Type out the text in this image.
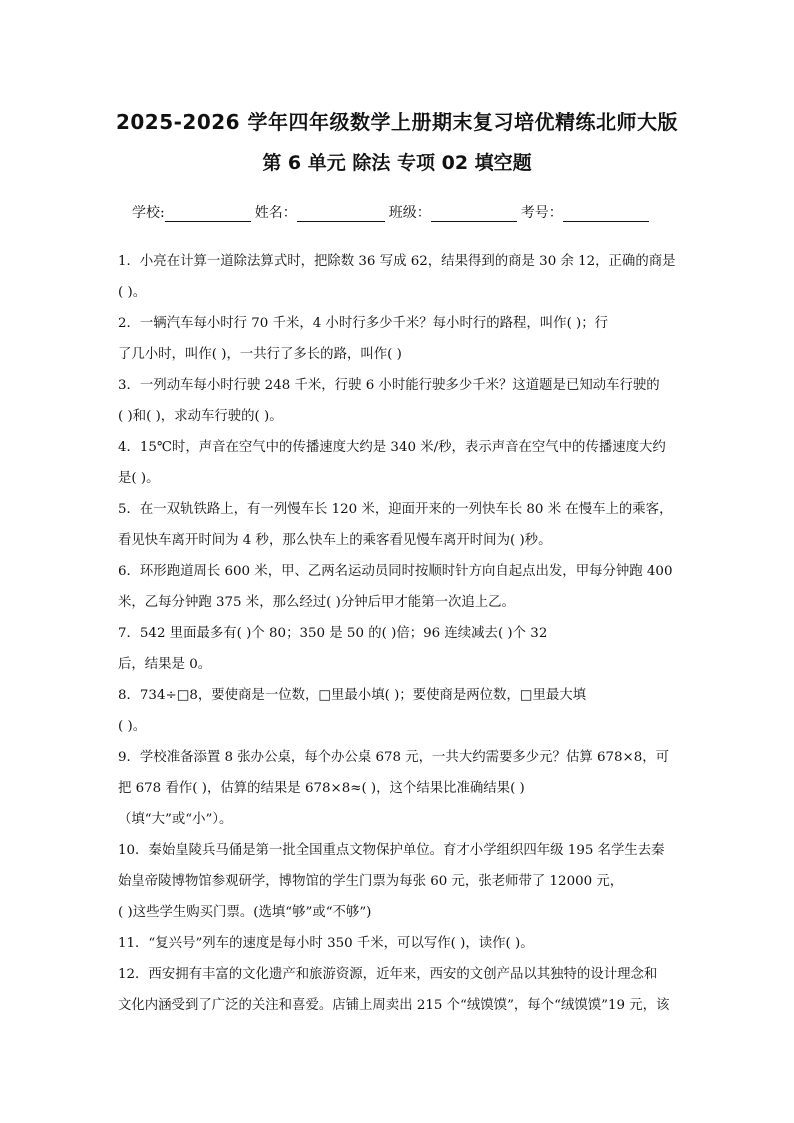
2025-2026 学年四年级数学上册期末复习培优精练北师大版
第 6 单元 除法 专项 02 填空题
学校:	姓名：	班级：	考号：

1．小亮在计算一道除法算式时，把除数 36 写成 62，结果得到的商是 30 余 12，正确的商是
( )。

2．一辆汽车每小时行 70 千米，4 小时行多少千米？每小时行的路程，叫作( )；行
了几小时，叫作( )，一共行了多长的路，叫作( )

3．一列动车每小时行驶 248 千米，行驶 6 小时能行驶多少千米？这道题是已知动车行驶的
( )和( )，求动车行驶的( )。

4．15℃时，声音在空气中的传播速度大约是 340 米/秒，表示声音在空气中的传播速度大约
是( )。

5．在一双轨铁路上，有一列慢车长 120 米，迎面开来的一列快车长 80 米 在慢车上的乘客，
看见快车离开时间为 4 秒，那么快车上的乘客看见慢车离开时间为( )秒。

6．环形跑道周长 600 米，甲、乙两名运动员同时按顺时针方向自起点出发，甲每分钟跑 400
米，乙每分钟跑 375 米，那么经过( )分钟后甲才能第一次追上乙。

7．542 里面最多有( )个 80；350 是 50 的( )倍；96 连续减去( )个 32
后，结果是 0。

8．734÷□8，要使商是一位数，□里最小填( )；要使商是两位数，□里最大填
( )。

9．学校准备添置 8 张办公桌，每个办公桌 678 元，一共大约需要多少元？估算 678×8，可
把 678 看作( )，估算的结果是 678×8≈( )，这个结果比准确结果( )
（填“大”或“小”）。

10．秦始皇陵兵马俑是第一批全国重点文物保护单位。育才小学组织四年级 195 名学生去秦
始皇帝陵博物馆参观研学，博物馆的学生门票为每张 60 元，张老师带了 12000 元，
( )这些学生购买门票。(选填“够”或“不够”)

11．“复兴号”列车的速度是每小时 350 千米，可以写作( )，读作( )。

12．西安拥有丰富的文化遗产和旅游资源，近年来，西安的文创产品以其独特的设计理念和
文化内涵受到了广泛的关注和喜爱。店铺上周卖出 215 个“绒馍馍”，每个“绒馍馍”19 元，该
